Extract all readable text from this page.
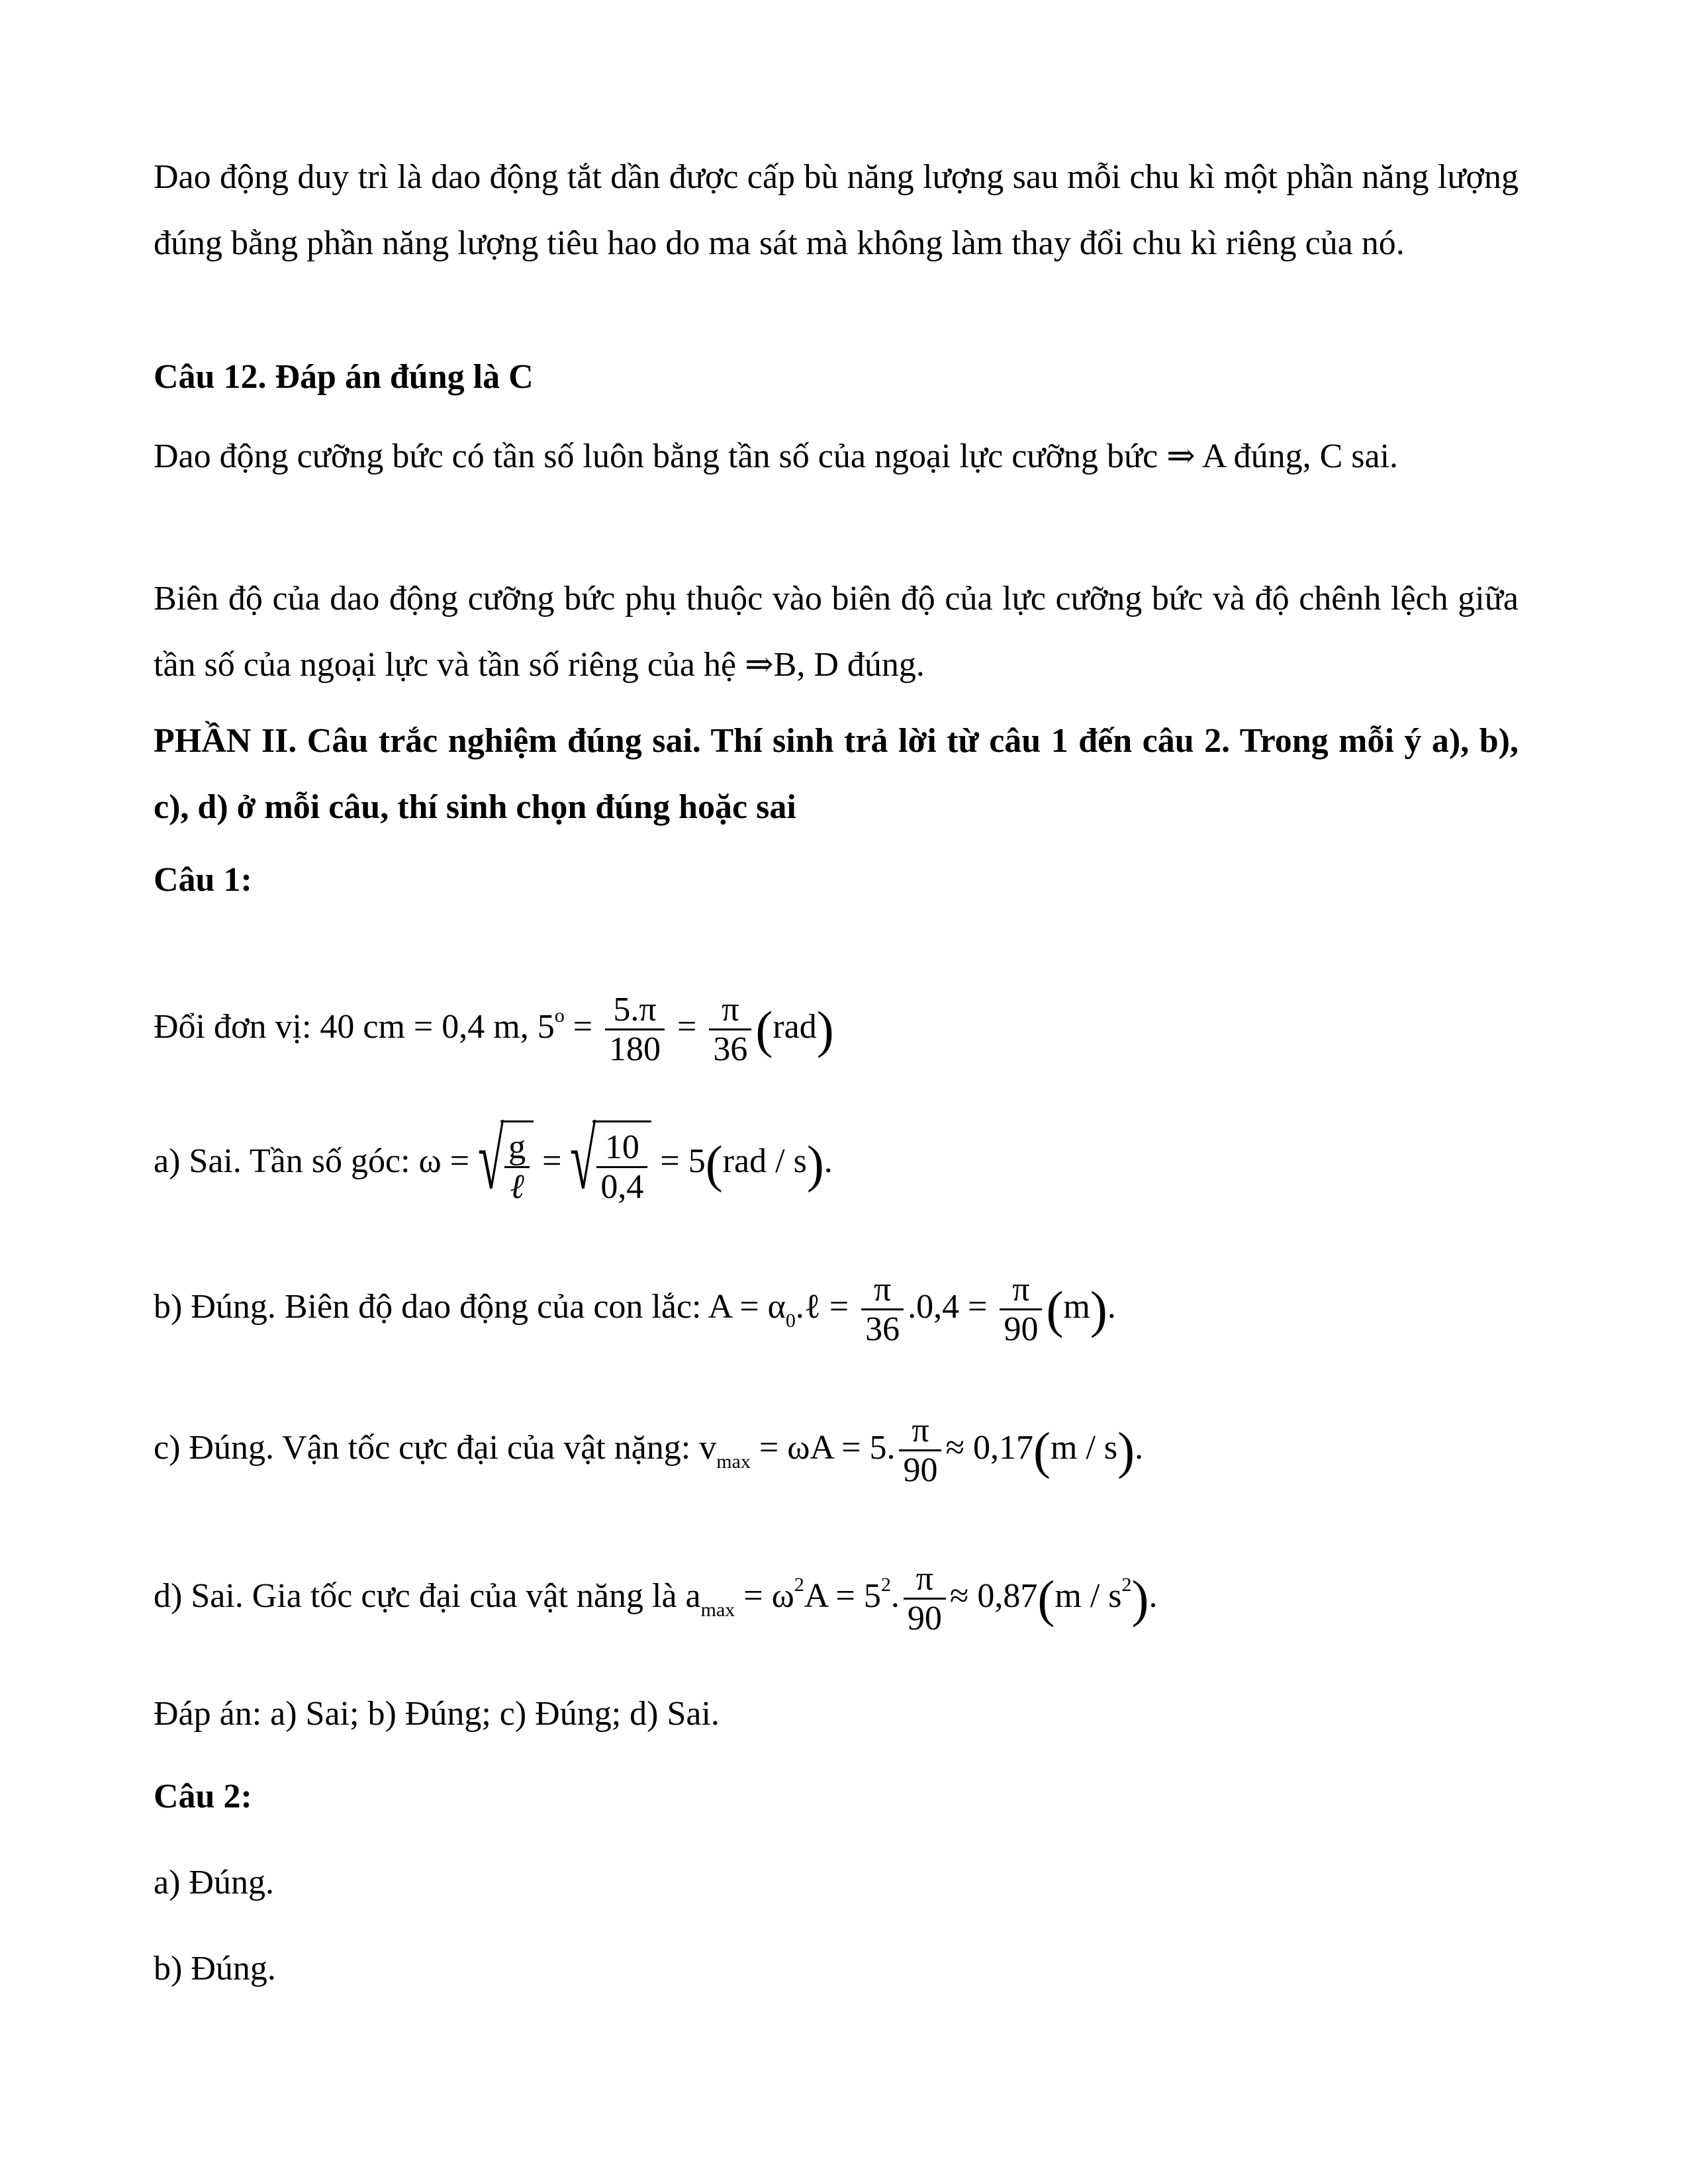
Dao động duy trì là dao động tắt dần được cấp bù năng lượng sau mỗi chu kì một phần năng lượng đúng bằng phần năng lượng tiêu hao do ma sát mà không làm thay đổi chu kì riêng của nó.
Câu 12. Đáp án đúng là C
Dao động cưỡng bức có tần số luôn bằng tần số của ngoại lực cưỡng bức ⇒ A đúng, C sai.
Biên độ của dao động cưỡng bức phụ thuộc vào biên độ của lực cưỡng bức và độ chênh lệch giữa tần số của ngoại lực và tần số riêng của hệ ⇒B, D đúng.
PHẦN II. Câu trắc nghiệm đúng sai. Thí sinh trả lời từ câu 1 đến câu 2. Trong mỗi ý a), b), c), d) ở mỗi câu, thí sinh chọn đúng hoặc sai
Câu 1:
Đổi đơn vị: 40 cm = 0,4 m, $5^o = \frac{5.\pi}{180} = \frac{\pi}{36} (rad)$
a) Sai. Tần số góc: ω = √ $\frac{g}{\text{ℓ}}$ = √ $\frac{10}{0,4} = 5(rad / s)$.
b) Đúng. Biên độ dao động của con lắc: $A = \alpha_0.\ell = \frac{\pi}{36} .0,4 = \frac{\pi}{90} (m)$.
c) Đúng. Vận tốc cực đại của vật nặng: $v_{max} = \omega A = 5$. $\frac{\pi}{90} \approx 0,17(m / s)$.
d) Sai. Gia tốc cực đại của vật năng là $a_{max} = \omega^2A = 5^2$. $\frac{\pi}{90} \approx 0,87(m / s^2)$.
Đáp án: a) Sai; b) Đúng; c) Đúng; d) Sai.
Câu 2:
a) Đúng.
b) Đúng.
